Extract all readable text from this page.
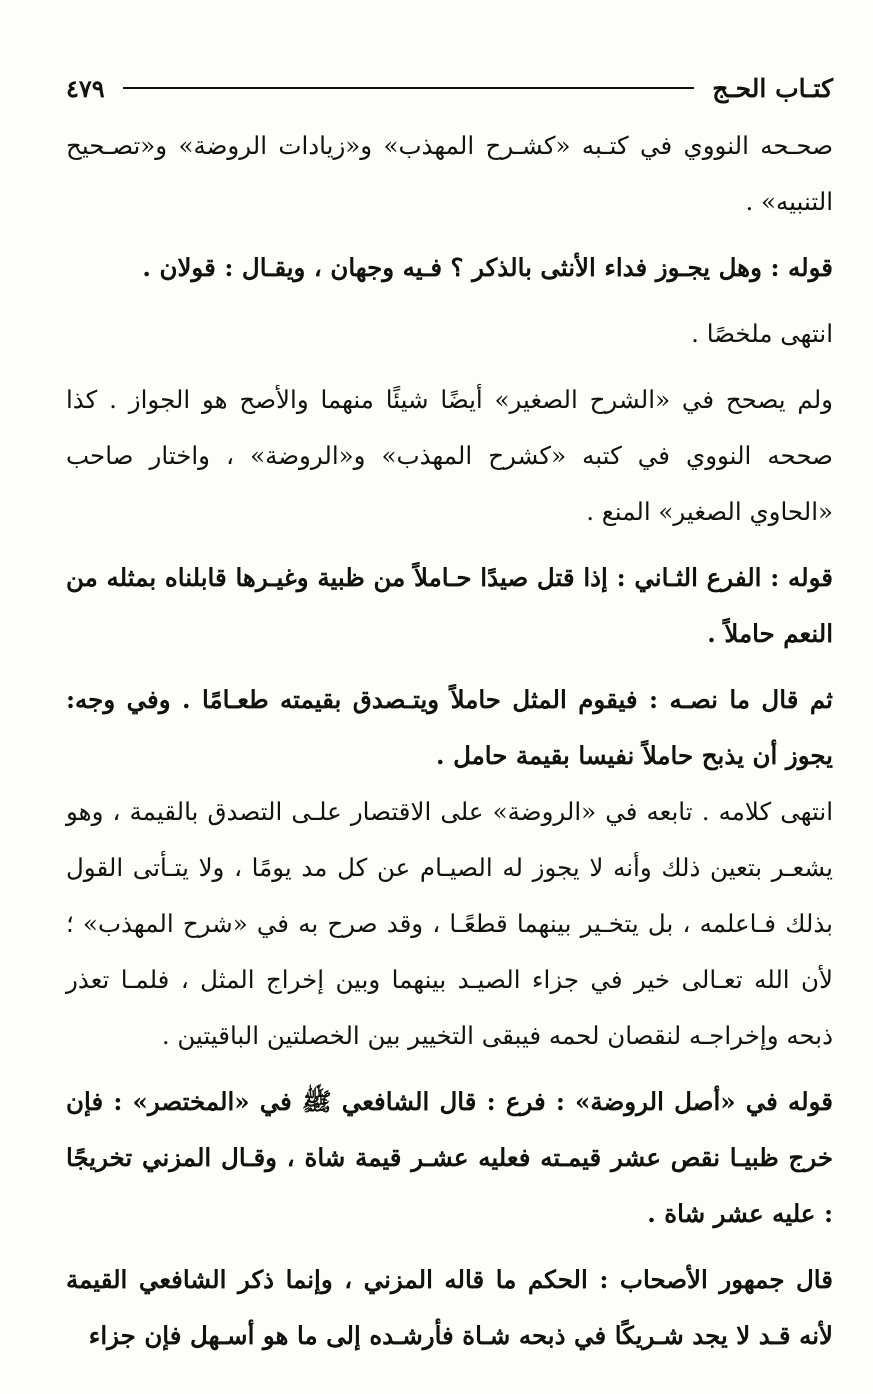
كتـاب الحـج
٤٧٩

صحـحه النووي في كتـبه «كشـرح المهذب» و«زيادات الروضة» و«تصـحيح التنبيه» .

قوله : وهل يجـوز فداء الأنثى بالذكر ؟ فـيه وجهان ، ويقـال : قولان .

انتهى ملخصًا .

ولم يصحح في «الشرح الصغير» أيضًا شيئًا منهما والأصح هو الجواز . كذا صححه النووي في كتبه «كشرح المهذب» و«الروضة» ، واختار صاحب «الحاوي الصغير» المنع .

قوله : الفرع الثـاني : إذا قتل صيدًا حـاملاً من ظبية وغيـرها قابلناه بمثله من النعم حاملاً .

ثم قال ما نصـه : فيقوم المثل حاملاً ويتـصدق بقيمته طعـامًا . وفي وجه: يجوز أن يذبح حاملاً نفيسا بقيمة حامل .

انتهى كلامه . تابعه في «الروضة» على الاقتصار علـى التصدق بالقيمة ، وهو يشعـر بتعين ذلك وأنه لا يجوز له الصيـام عن كل مد يومًا ، ولا يتـأتى القول بذلك فـاعلمه ، بل يتخـير بينهما قطعًـا ، وقد صرح به في «شرح المهذب» ؛ لأن الله تعـالى خير في جزاء الصيـد بينهما وبين إخراج المثل ، فلمـا تعذر ذبحه وإخراجـه لنقصان لحمه فيبقى التخيير بين الخصلتين الباقيتين .

قوله في «أصل الروضة» : فرع : قال الشافعي ﷺ في «المختصر» : فإن خرج ظبيـا نقص عشر قيمـته فعليه عشـر قيمة شاة ، وقـال المزني تخريجًا : عليه عشر شاة .

قال جمهور الأصحاب : الحكم ما قاله المزني ، وإنما ذكر الشافعي القيمة لأنه قـد لا يجد شـريكًا في ذبحه شـاة فأرشـده إلى ما هو أسـهل فإن جزاء
